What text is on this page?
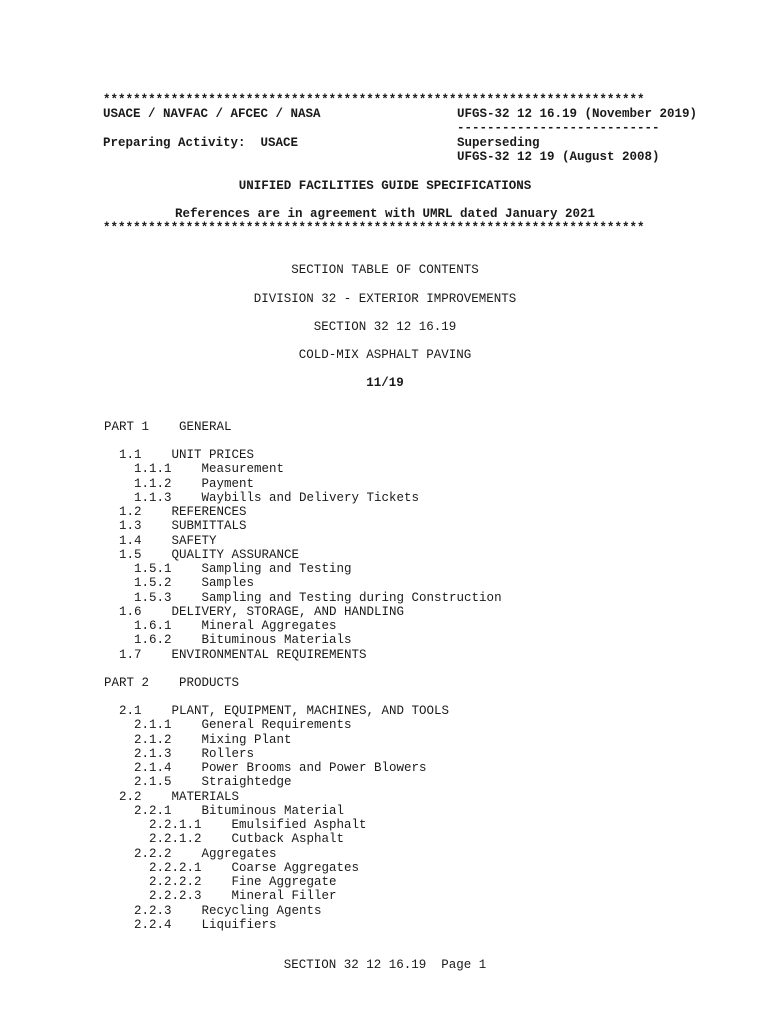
************************************************************************
USACE / NAVFAC / AFCEC / NASA	UFGS-32 12 16.19 (November 2019)
---------------------------
Preparing Activity:  USACE	Superseding
UFGS-32 12 19 (August 2008)
UNIFIED FACILITIES GUIDE SPECIFICATIONS
References are in agreement with UMRL dated January 2021
************************************************************************
SECTION TABLE OF CONTENTS
DIVISION 32 - EXTERIOR IMPROVEMENTS
SECTION 32 12 16.19
COLD-MIX ASPHALT PAVING
11/19
PART 1    GENERAL
1.1    UNIT PRICES
1.1.1    Measurement
1.1.2    Payment
1.1.3    Waybills and Delivery Tickets
1.2    REFERENCES
1.3    SUBMITTALS
1.4    SAFETY
1.5    QUALITY ASSURANCE
1.5.1    Sampling and Testing
1.5.2    Samples
1.5.3    Sampling and Testing during Construction
1.6    DELIVERY, STORAGE, AND HANDLING
1.6.1    Mineral Aggregates
1.6.2    Bituminous Materials
1.7    ENVIRONMENTAL REQUIREMENTS
PART 2    PRODUCTS
2.1    PLANT, EQUIPMENT, MACHINES, AND TOOLS
2.1.1    General Requirements
2.1.2    Mixing Plant
2.1.3    Rollers
2.1.4    Power Brooms and Power Blowers
2.1.5    Straightedge
2.2    MATERIALS
2.2.1    Bituminous Material
2.2.1.1    Emulsified Asphalt
2.2.1.2    Cutback Asphalt
2.2.2    Aggregates
2.2.2.1    Coarse Aggregates
2.2.2.2    Fine Aggregate
2.2.2.3    Mineral Filler
2.2.3    Recycling Agents
2.2.4    Liquifiers
SECTION 32 12 16.19  Page 1
